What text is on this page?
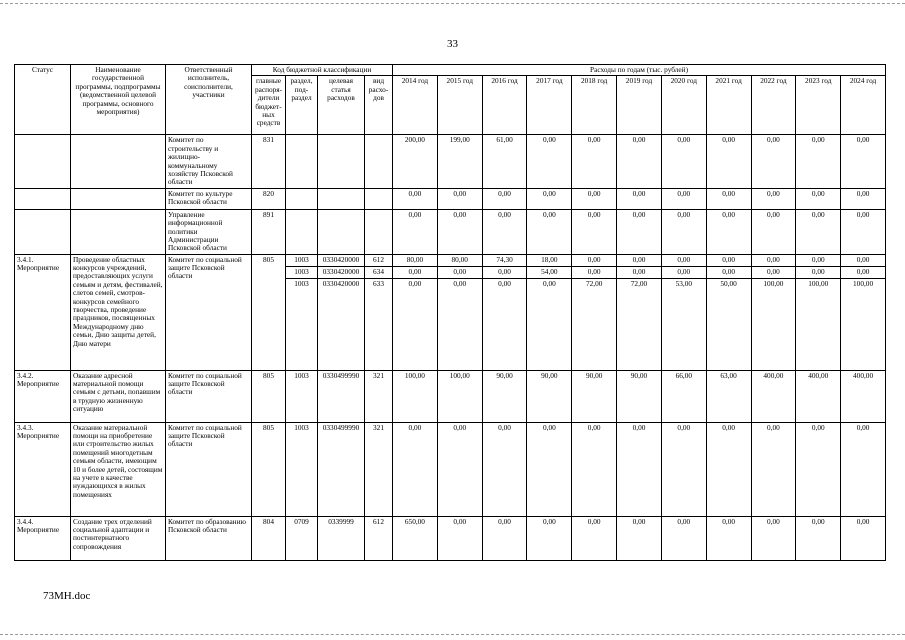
33
Статус	Наименование государственной программы, подпрограммы (ведомственной целевой программы, основного мероприятия)	Ответственный исполнитель, соисполнители, участники	Код бюджетной классификации				Расходы по годам (тыс. рублей)										
			главные распоря-дители бюджет-ных средств	раздел, под-раздел	целевая статья расходов	вид расхо-дов	2014 год	2015 год	2016 год	2017 год	2018 год	2019 год	2020 год	2021 год	2022 год	2023 год	2024 год
		Комитет по строительству и жилищно-коммунальному хозяйству Псковской области	831				200,00	199,00	61,00	0,00	0,00	0,00	0,00	0,00	0,00	0,00	0,00
		Комитет по культуре Псковской области	820				0,00	0,00	0,00	0,00	0,00	0,00	0,00	0,00	0,00	0,00	0,00
		Управление информационной политики Администрации Псковской области	891				0,00	0,00	0,00	0,00	0,00	0,00	0,00	0,00	0,00	0,00	0,00
3.4.1. Мероприятие	Проведение областных конкурсов учреждений, предоставляющих услуги семьям и детям, фестивалей, слетов семей, смотров-конкурсов семейного творчества, проведение праздников, посвященных Международному дню семьи, Дню защиты детей, Дню матери	Комитет по социальной защите Псковской области	805	1003	0330420000	612	80,00	80,00	74,30	18,00	0,00	0,00	0,00	0,00	0,00	0,00	0,00
				1003	0330420000	634	0,00	0,00	0,00	54,00	0,00	0,00	0,00	0,00	0,00	0,00	0,00
				1003	0330420000	633	0,00	0,00	0,00	0,00	72,00	72,00	53,00	50,00	100,00	100,00	100,00
3.4.2. Мероприятие	Оказание адресной материальной помощи семьям с детьми, попавшим в трудную жизненную ситуацию	Комитет по социальной защите Псковской области	805	1003	0330499990	321	100,00	100,00	90,00	90,00	90,00	90,00	66,00	63,00	400,00	400,00	400,00
3.4.3. Мероприятие	Оказание материальной помощи на приобретение или строительство жилых помещений многодетным семьям области, имеющим 10 и более детей, состоящим на учете в качестве нуждающихся в жилых помещениях	Комитет по социальной защите Псковской области	805	1003	0330499990	321	0,00	0,00	0,00	0,00	0,00	0,00	0,00	0,00	0,00	0,00	0,00
3.4.4. Мероприятие	Создание трех отделений социальной адаптации и постинтернатного сопровождения	Комитет по образованию Псковской области	804	0709	0339999	612	650,00	0,00	0,00	0,00	0,00	0,00	0,00	0,00	0,00	0,00	0,00
73МН.doc
